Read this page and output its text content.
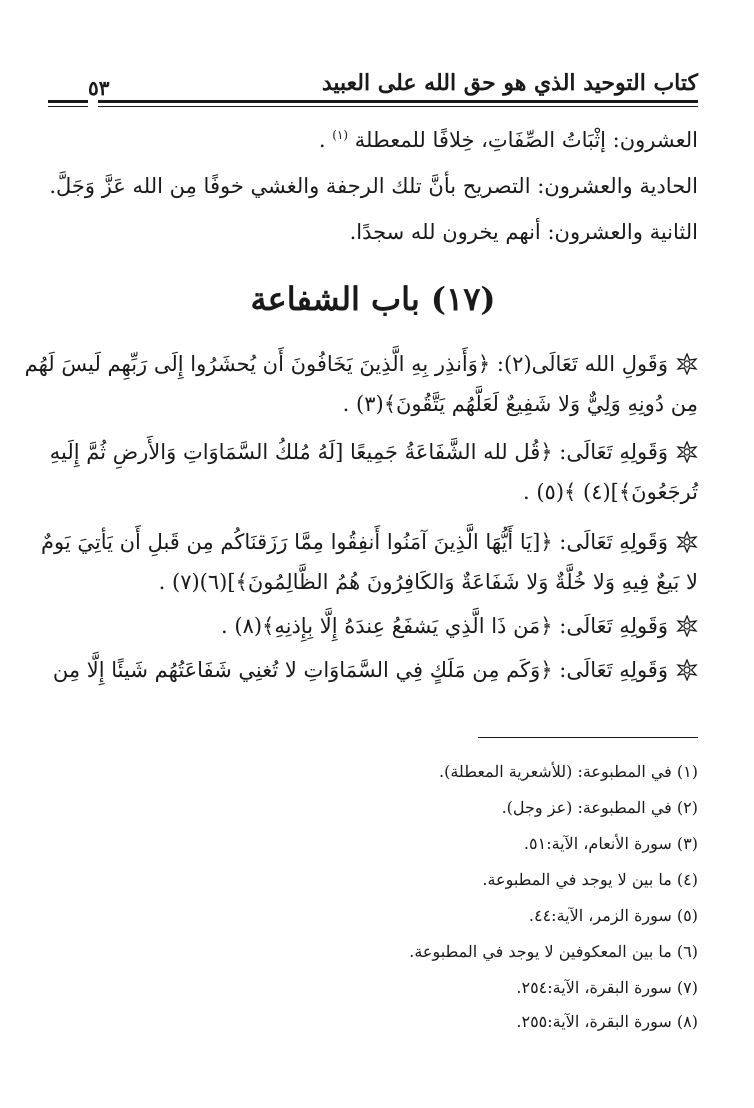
كتاب التوحيد الذي هو حق الله على العبيد
٥٣
العشرون: إثْبَاتُ الصِّفَاتِ، خِلافًا للمعطلة $^{(١)}$ .
الحادية والعشرون: التصريح بأنَّ تلك الرجفة والغشي خوفًا مِن الله عَزَّ وَجَلَّ.
الثانية والعشرون: أنهم يخرون لله سجدًا.
(١٧) باب الشفاعة
وَقَولِ الله تَعَالَى(٢): ﴿وَأَنذِر بِهِ الَّذِينَ يَخَافُونَ أَن يُحشَرُوا إِلَى رَبِّهِم لَيسَ لَهُم
مِن دُونِهِ وَلِيٌّ وَلا شَفِيعٌ لَعَلَّهُم يَتَّقُونَ﴾(٣) .
وَقَولِهِ تَعَالَى: ﴿قُل لله الشَّفَاعَةُ جَمِيعًا [لَهُ مُلكُ السَّمَاوَاتِ وَالأَرضِ ثُمَّ إِلَيهِ
تُرجَعُونَ﴾](٤) ﴾(٥) .
وَقَولِهِ تَعَالَى: ﴿[يَا أَيُّهَا الَّذِينَ آمَنُوا أَنفِقُوا مِمَّا رَزَقنَاكُم مِن قَبلِ أَن يَأتِيَ يَومٌ
لا بَيعٌ فِيهِ وَلا خُلَّةٌ وَلا شَفَاعَةٌ وَالكَافِرُونَ هُمُ الظَّالِمُونَ﴾](٦)(٧) .
وَقَولِهِ تَعَالَى: ﴿مَن ذَا الَّذِي يَشفَعُ عِندَهُ إِلَّا بِإِذنِهِ﴾(٨) .
وَقَولِهِ تَعَالَى: ﴿وَكَم مِن مَلَكٍ فِي السَّمَاوَاتِ لا تُغنِي شَفَاعَتُهُم شَيئًا إِلَّا مِن
(١) في المطبوعة: (للأشعرية المعطلة).
(٢) في المطبوعة: (عز وجل).
(٣) سورة الأنعام، الآية:٥١.
(٤) ما بين لا يوجد في المطبوعة.
(٥) سورة الزمر، الآية:٤٤.
(٦) ما بين المعكوفين لا يوجد في المطبوعة.
(٧) سورة البقرة، الآية:٢٥٤.
(٨) سورة البقرة، الآية:٢٥٥.
